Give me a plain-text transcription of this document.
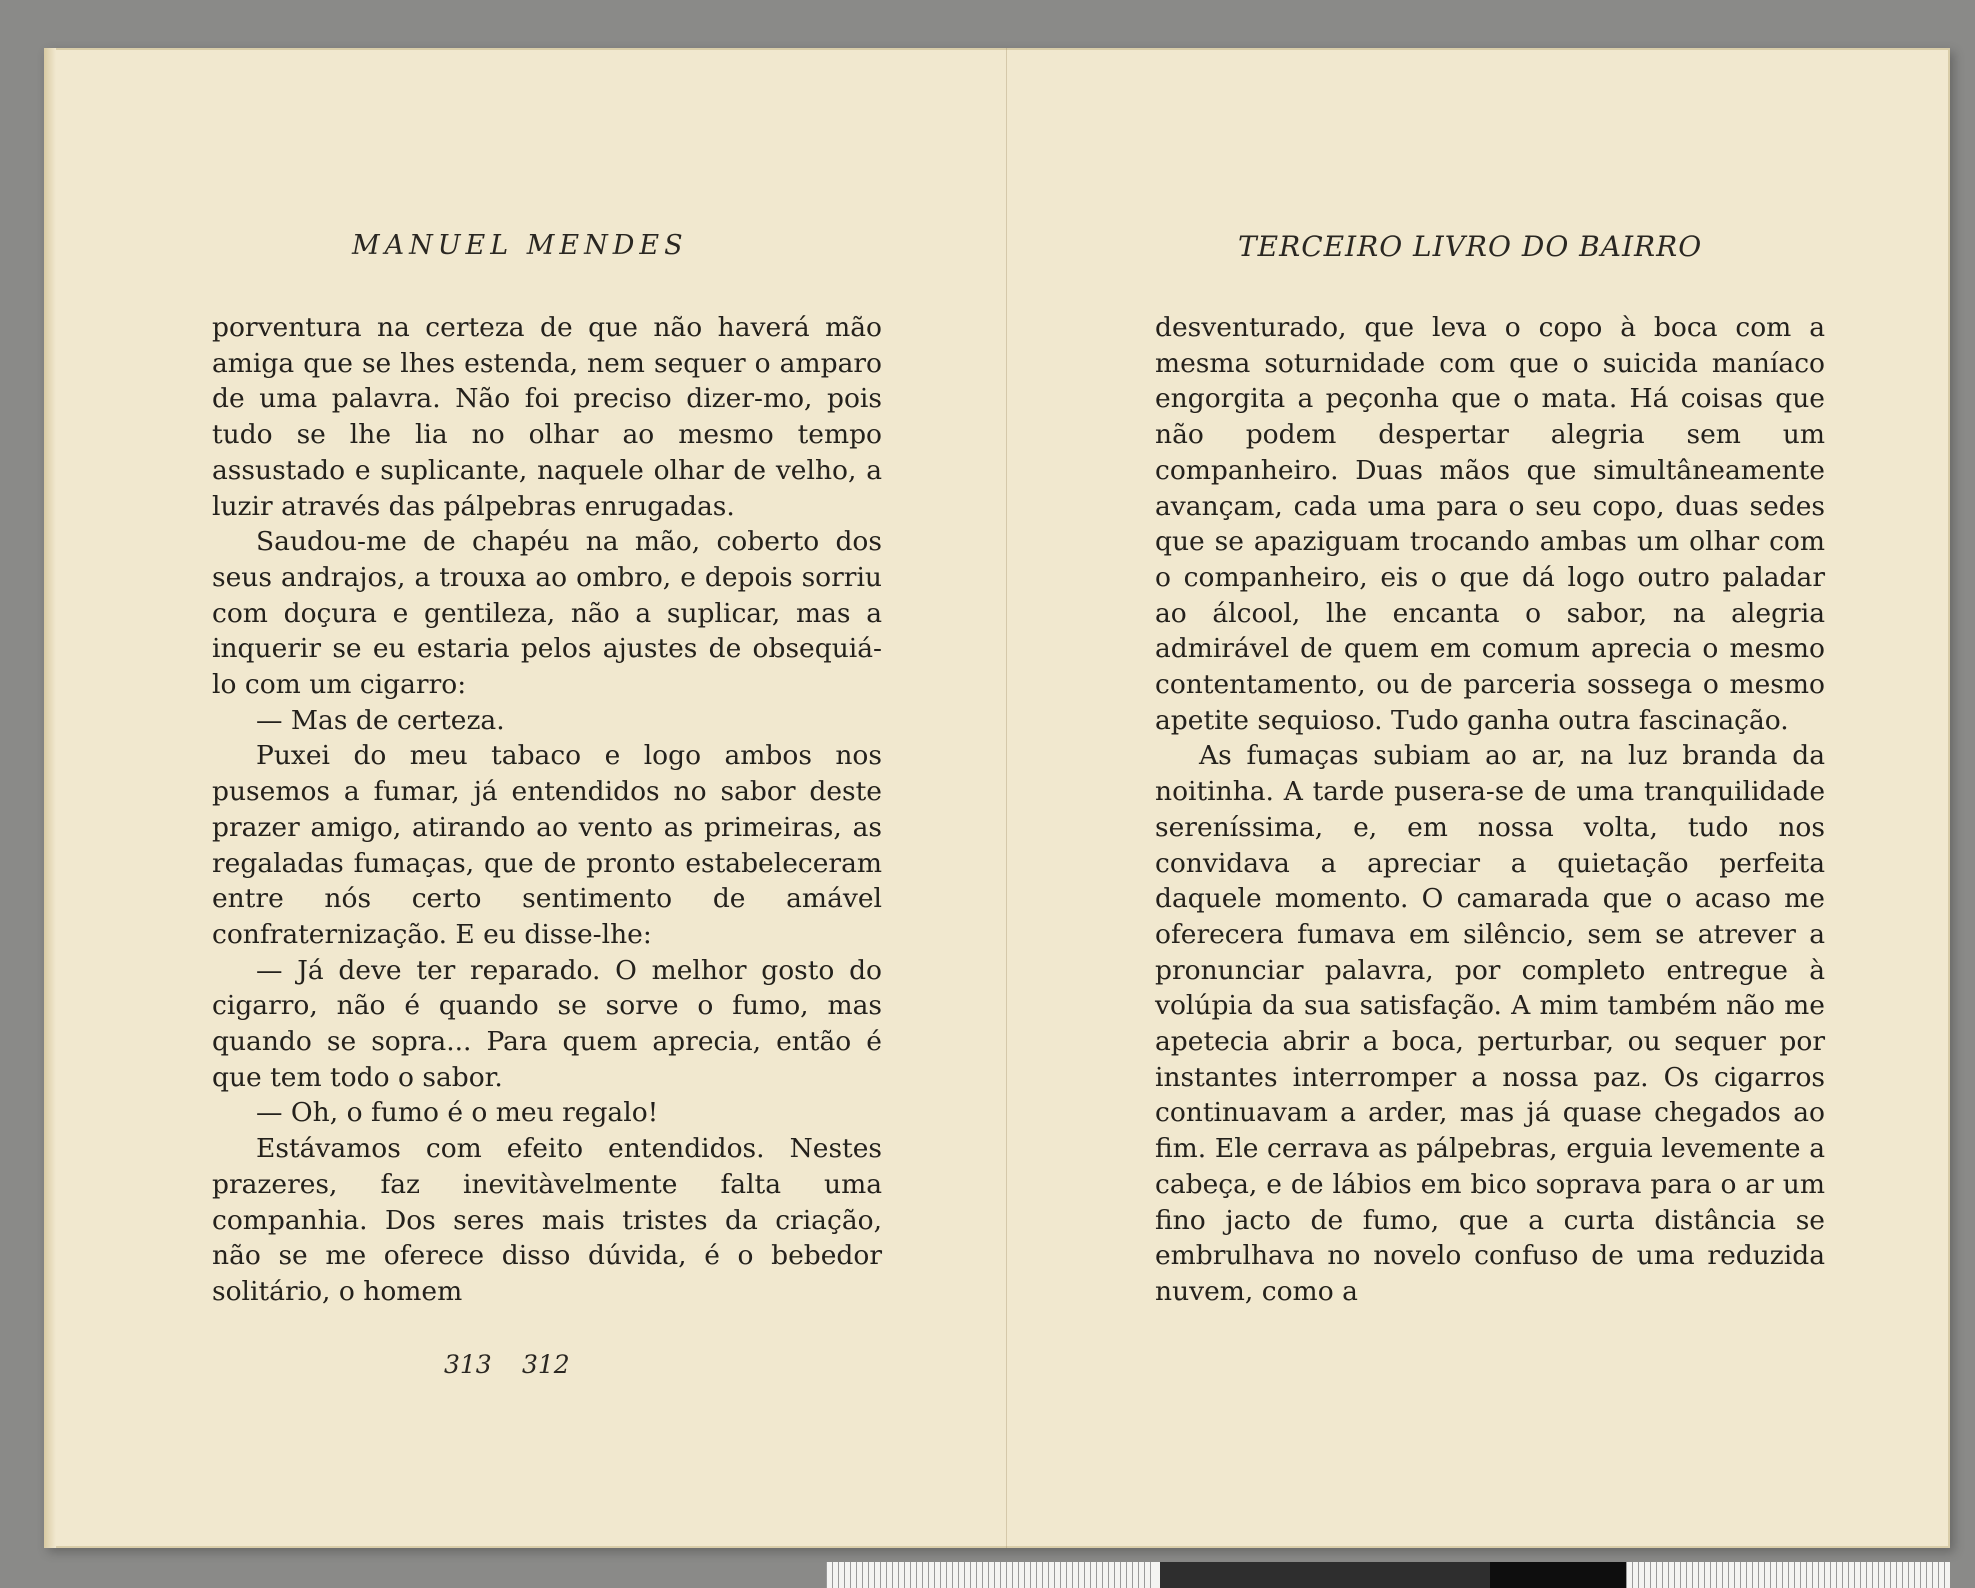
MANUEL MENDES

porventura na certeza de que não haverá mão amiga que se lhes estenda, nem sequer o amparo de uma palavra. Não foi preciso dizer-mo, pois tudo se lhe lia no olhar ao mesmo tempo assustado e suplicante, naquele olhar de velho, a luzir através das pálpebras enrugadas.

Saudou-me de chapéu na mão, coberto dos seus andrajos, a trouxa ao ombro, e depois sorriu com doçura e gentileza, não a suplicar, mas a inquerir se eu estaria pelos ajustes de obsequiá-lo com um cigarro:

— Mas de certeza.

Puxei do meu tabaco e logo ambos nos pusemos a fumar, já entendidos no sabor deste prazer amigo, atirando ao vento as primeiras, as regaladas fumaças, que de pronto estabeleceram entre nós certo sentimento de amável confraternização. E eu disse-lhe:

— Já deve ter reparado. O melhor gosto do cigarro, não é quando se sorve o fumo, mas quando se sopra... Para quem aprecia, então é que tem todo o sabor.

— Oh, o fumo é o meu regalo!

Estávamos com efeito entendidos. Nestes prazeres, faz inevitàvelmente falta uma companhia. Dos seres mais tristes da criação, não se me oferece disso dúvida, é o bebedor solitário, o homem

312
TERCEIRO LIVRO DO BAIRRO

desventurado, que leva o copo à boca com a mesma soturnidade com que o suicida maníaco engorgita a peçonha que o mata. Há coisas que não podem despertar alegria sem um companheiro. Duas mãos que simultâneamente avançam, cada uma para o seu copo, duas sedes que se apaziguam trocando ambas um olhar com o companheiro, eis o que dá logo outro paladar ao álcool, lhe encanta o sabor, na alegria admirável de quem em comum aprecia o mesmo contentamento, ou de parceria sossega o mesmo apetite sequioso. Tudo ganha outra fascinação.

As fumaças subiam ao ar, na luz branda da noitinha. A tarde pusera-se de uma tranquilidade sereníssima, e, em nossa volta, tudo nos convidava a apreciar a quietação perfeita daquele momento. O camarada que o acaso me oferecera fumava em silêncio, sem se atrever a pronunciar palavra, por completo entregue à volúpia da sua satisfação. A mim também não me apetecia abrir a boca, perturbar, ou sequer por instantes interromper a nossa paz. Os cigarros continuavam a arder, mas já quase chegados ao fim. Ele cerrava as pálpebras, erguia levemente a cabeça, e de lábios em bico soprava para o ar um fino jacto de fumo, que a curta distância se embrulhava no novelo confuso de uma reduzida nuvem, como a

313
